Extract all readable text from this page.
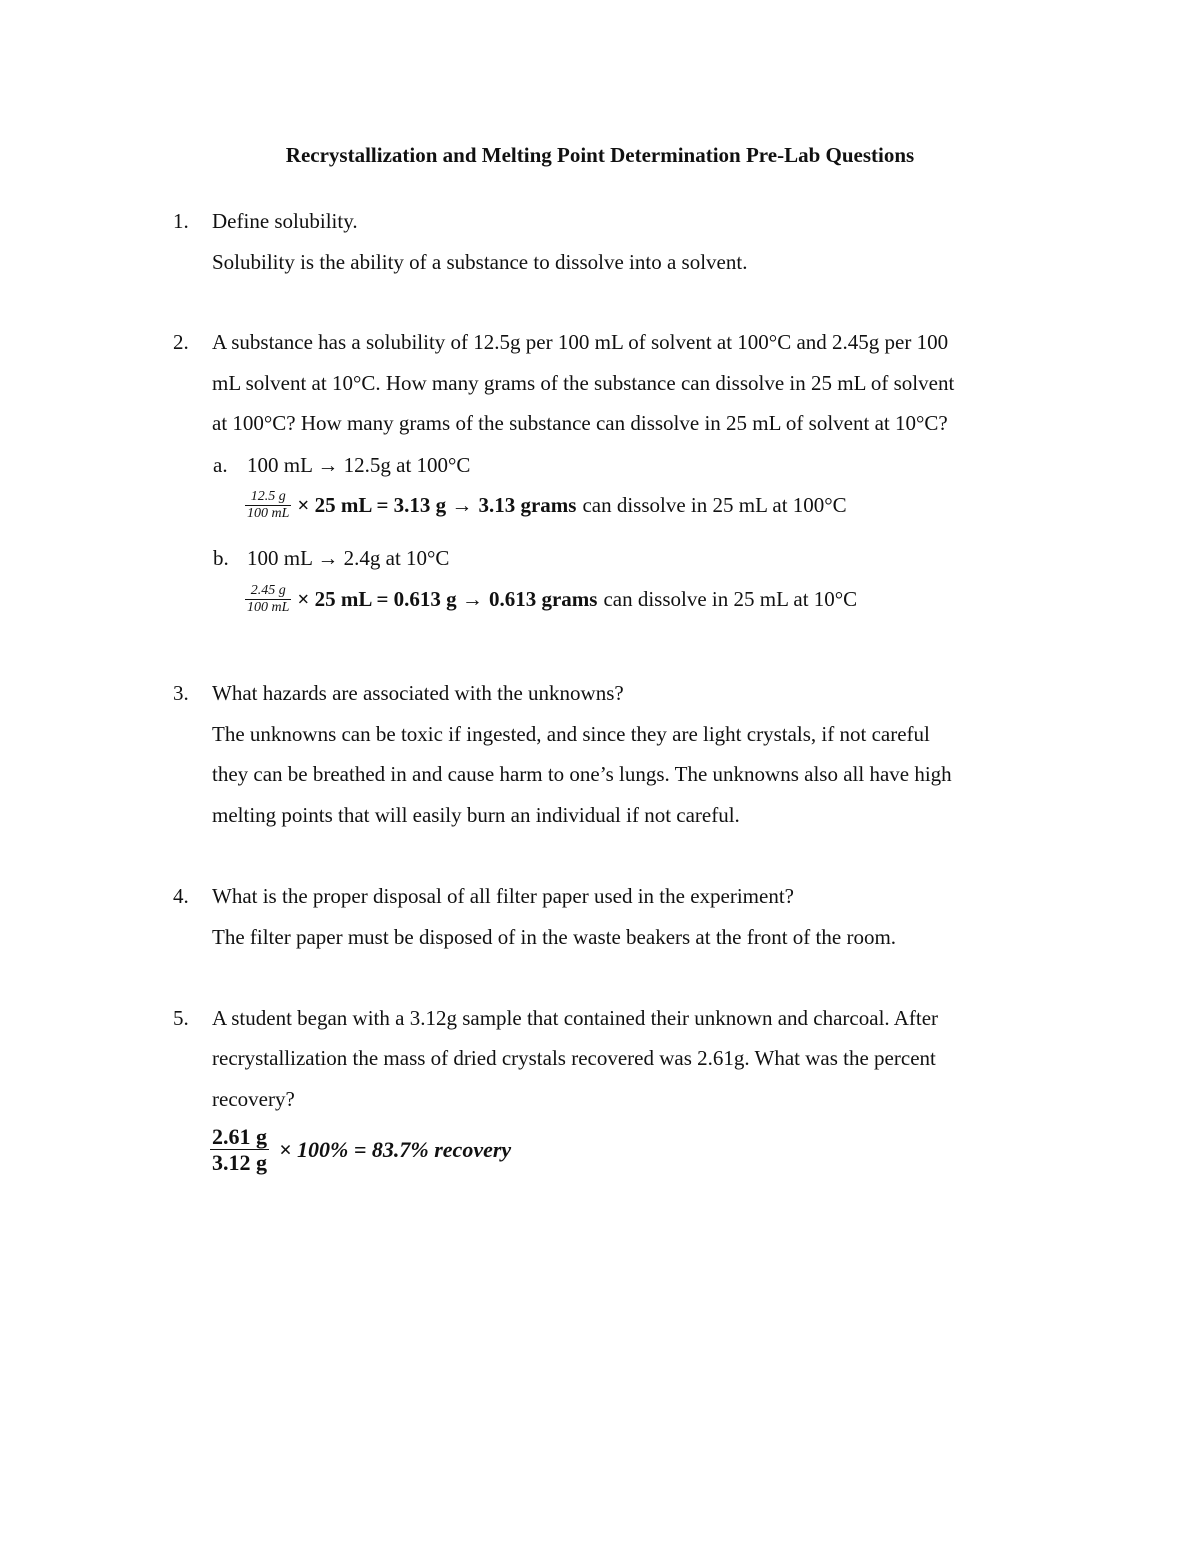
Recrystallization and Melting Point Determination Pre-Lab Questions
1. Define solubility.
Solubility is the ability of a substance to dissolve into a solvent.
2. A substance has a solubility of 12.5g per 100 mL of solvent at 100°C and 2.45g per 100
mL solvent at 10°C. How many grams of the substance can dissolve in 25 mL of solvent
at 100°C? How many grams of the substance can dissolve in 25 mL of solvent at 10°C?
a. 100 mL → 12.5g at 100°C
$\frac{12.5 g}{100 mL} \times 25$ mL = 3.13 g → 3.13 grams can dissolve in 25 mL at 100°C
b. 100 mL → 2.4g at 10°C
$\frac{2.45 g}{100 mL} \times 25$ mL = 0.613 g → 0.613 grams can dissolve in 25 mL at 10°C
3. What hazards are associated with the unknowns?
The unknowns can be toxic if ingested, and since they are light crystals, if not careful
they can be breathed in and cause harm to one’s lungs. The unknowns also all have high
melting points that will easily burn an individual if not careful.
4. What is the proper disposal of all filter paper used in the experiment?
The filter paper must be disposed of in the waste beakers at the front of the room.
5. A student began with a 3.12g sample that contained their unknown and charcoal. After
recrystallization the mass of dried crystals recovered was 2.61g. What was the percent
recovery?
$\frac{2.61 g}{3.12 g} \times 100\% = 83.7\%$ recovery
